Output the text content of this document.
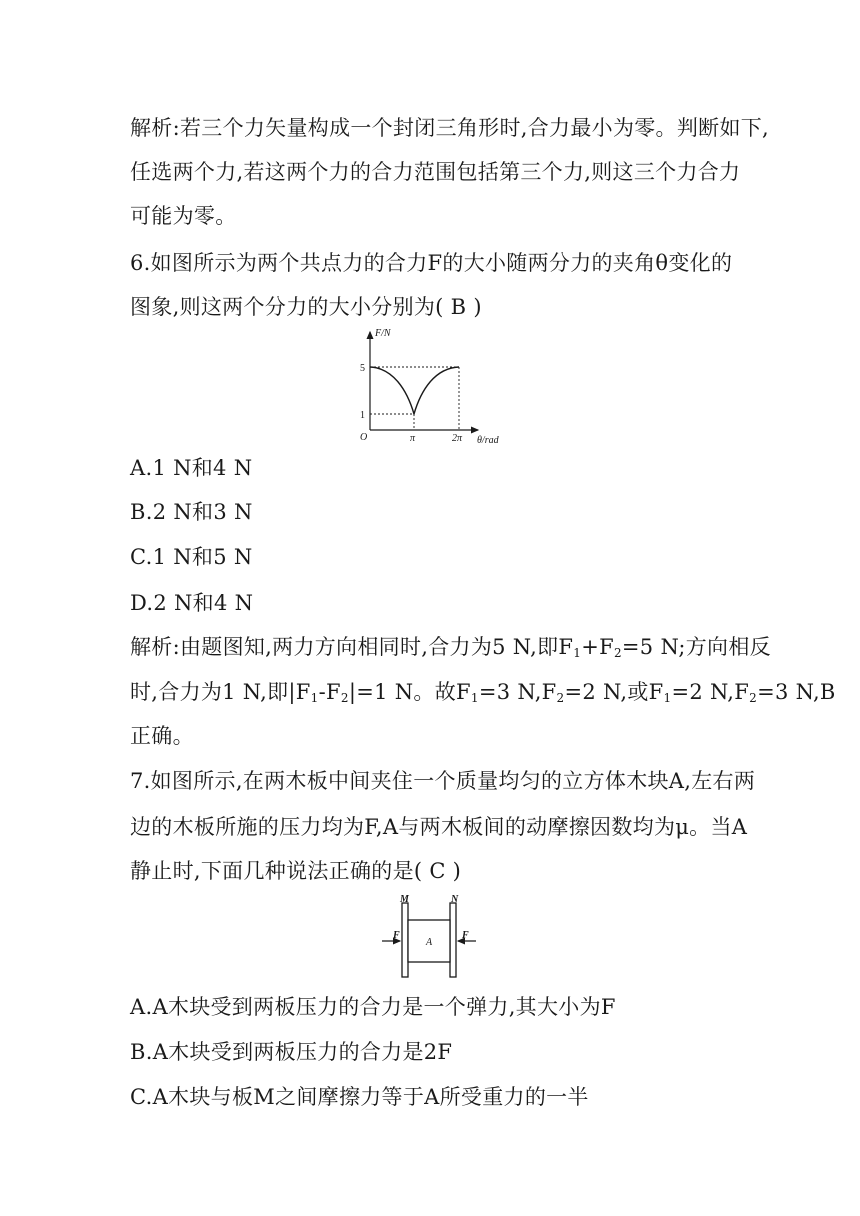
解析:若三个力矢量构成一个封闭三角形时,合力最小为零。判断如下,

任选两个力,若这两个力的合力范围包括第三个力,则这三个力合力

可能为零。

6.如图所示为两个共点力的合力F的大小随两分力的夹角θ变化的

图象,则这两个分力的大小分别为( B )

F/N
θ/rad
O
5
1
π	2π

A.1 N和4 N

B.2 N和3 N

C.1 N和5 N

D.2 N和4 N

解析:由题图知,两力方向相同时,合力为5 N,即$F_1+F_2=5$ N;方向相反

时,合力为1 N,即$|F_1-F_2|=1$ N。故$F_1=3$ $N,F_2=2$ N,或$F_1=2$ $N,F_2=3$ N,B

正确。

7.如图所示,在两木板中间夹住一个质量均匀的立方体木块A,左右两

边的木板所施的压力均为F,A与两木板间的动摩擦因数均为μ。当A

静止时,下面几种说法正确的是( C )

M	N
A
F	F

A.A木块受到两板压力的合力是一个弹力,其大小为F

B.A木块受到两板压力的合力是2F

C.A木块与板M之间摩擦力等于A所受重力的一半
